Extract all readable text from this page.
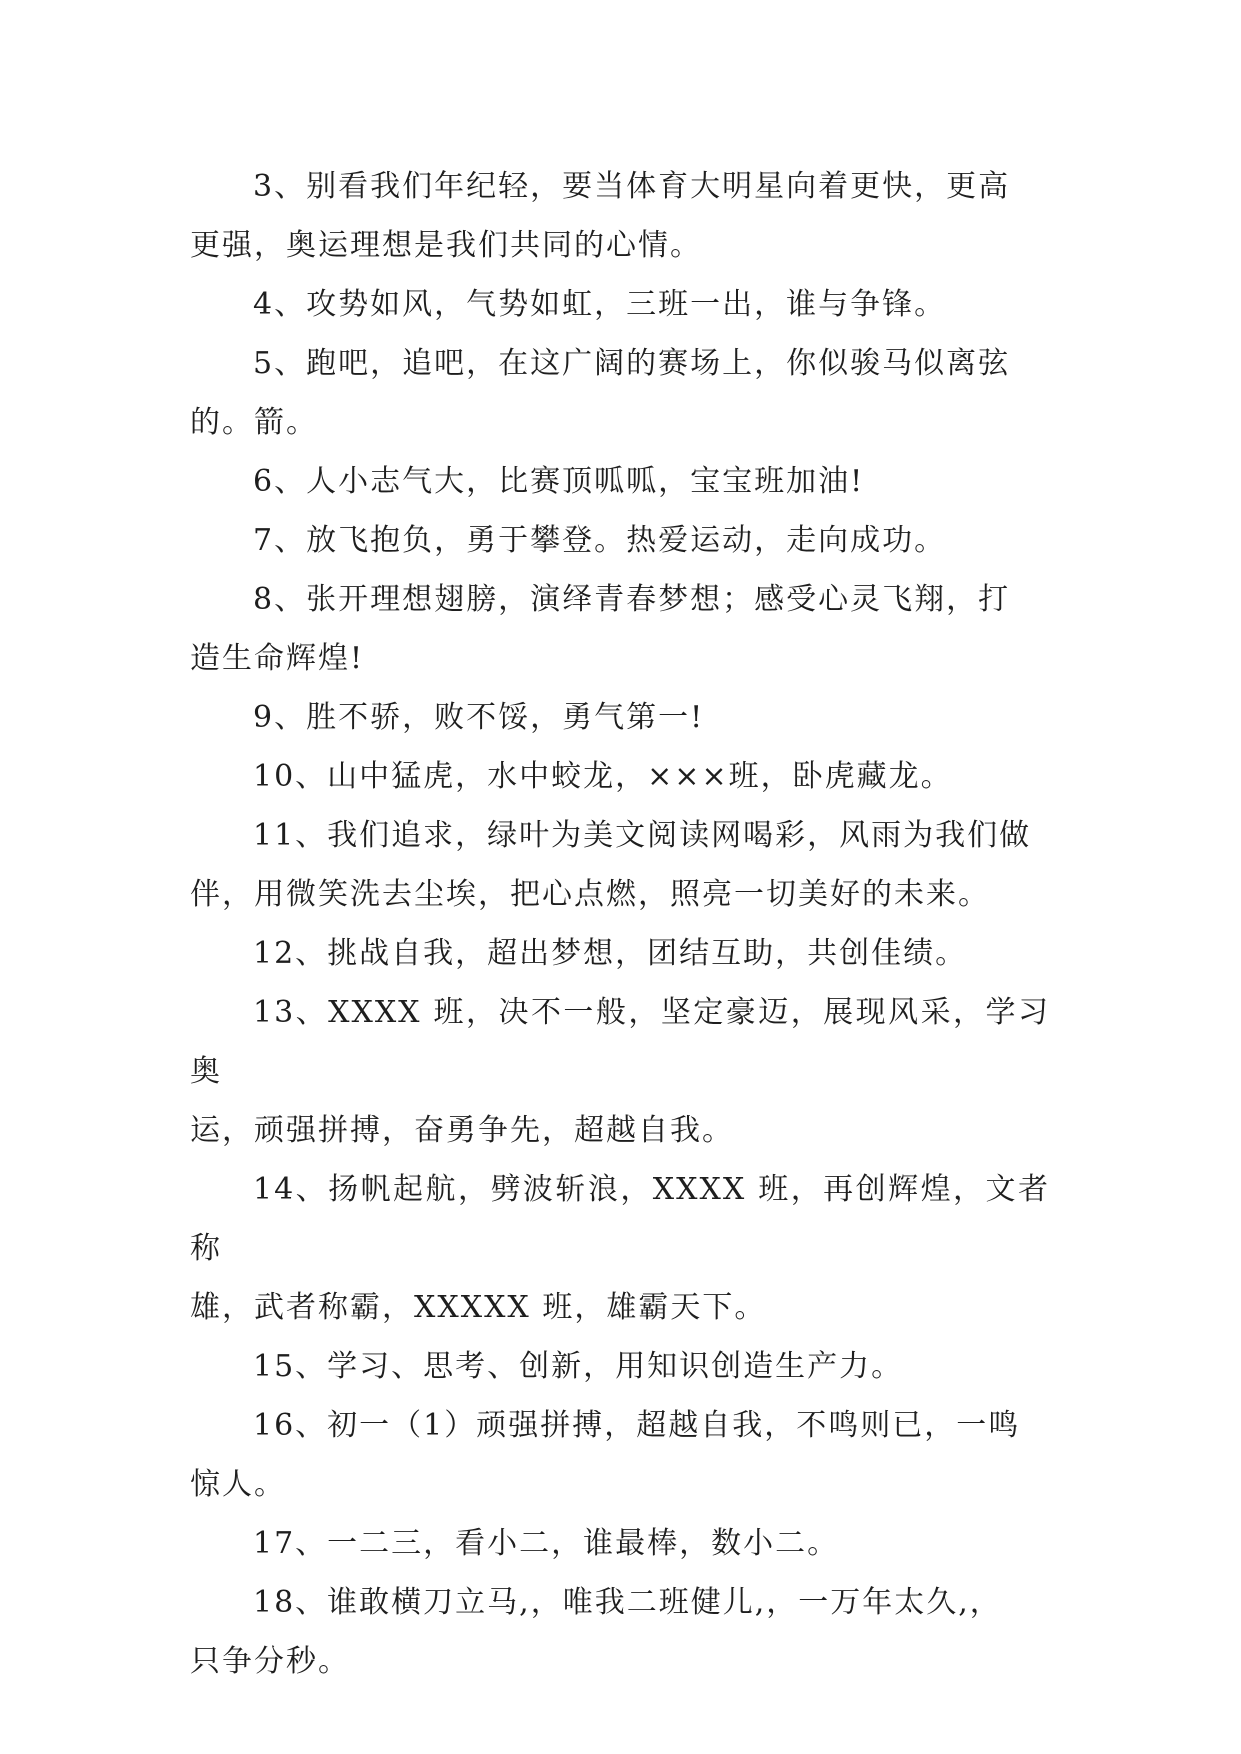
3、别看我们年纪轻，要当体育大明星向着更快，更高
更强，奥运理想是我们共同的心情。

4、攻势如风，气势如虹，三班一出，谁与争锋。

5、跑吧，追吧，在这广阔的赛场上，你似骏马似离弦
的。箭。

6、人小志气大，比赛顶呱呱，宝宝班加油!

7、放飞抱负，勇于攀登。热爱运动，走向成功。

8、张开理想翅膀，演绎青春梦想；感受心灵飞翔，打
造生命辉煌!

9、胜不骄，败不馁，勇气第一!

10、山中猛虎，水中蛟龙，×××班，卧虎藏龙。

11、我们追求，绿叶为美文阅读网喝彩，风雨为我们做
伴，用微笑洗去尘埃，把心点燃，照亮一切美好的未来。

12、挑战自我，超出梦想，团结互助，共创佳绩。

13、XXXX 班，决不一般，坚定豪迈，展现风采，学习奥
运，顽强拼搏，奋勇争先，超越自我。

14、扬帆起航，劈波斩浪，XXXX 班，再创辉煌，文者称
雄，武者称霸，XXXXX 班，雄霸天下。

15、学习、思考、创新，用知识创造生产力。

16、初一（1）顽强拼搏，超越自我，不鸣则已，一鸣
惊人。

17、一二三，看小二，谁最棒，数小二。

18、谁敢横刀立马,，唯我二班健儿,，一万年太久,，
只争分秒。
